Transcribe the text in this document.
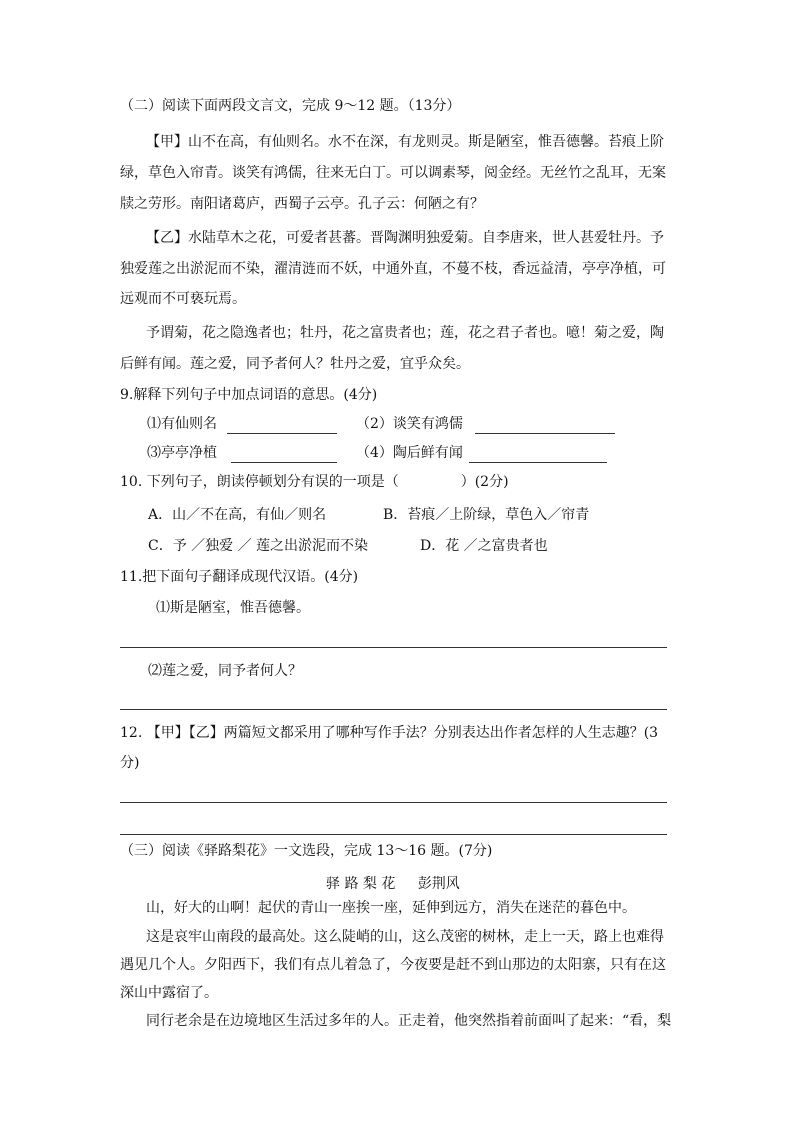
（二）阅读下面两段文言文，完成 9～12 题。（13分）
【甲】山不在高，有仙则名。水不在深，有龙则灵。斯是陋室，惟吾德馨。苔痕上阶
绿，草色入帘青。谈笑有鸿儒，往来无白丁。可以调素琴，阅金经。无丝竹之乱耳，无案
牍之劳形。南阳诸葛庐，西蜀子云亭。孔子云：何陋之有？
【乙】水陆草木之花，可爱者甚蕃。晋陶渊明独爱菊。自李唐来，世人甚爱牡丹。予
独爱莲之出淤泥而不染，濯清涟而不妖，中通外直，不蔓不枝，香远益清，亭亭净植，可
远观而不可亵玩焉。
予谓菊，花之隐逸者也；牡丹，花之富贵者也；莲，花之君子者也。噫！菊之爱，陶
后鲜有闻。莲之爱，同予者何人？牡丹之爱，宜乎众矣。
9.解释下列句子中加点词语的意思。(4分)
⑴有仙则名	（2）谈笑有鸿儒
⑶亭亭净植	（4）陶后鲜有闻
10. 下列句子，朗读停顿划分有误的一项是（	）(2分)
A．山／不在高，有仙／则名	B．苔痕／上阶绿，草色入／帘青
C．予 ／独爱 ／ 莲之出淤泥而不染	D．花 ／之富贵者也
11.把下面句子翻译成现代汉语。(4分)
⑴斯是陋室，惟吾德馨。
⑵莲之爱，同予者何人？
12. 【甲】【乙】两篇短文都采用了哪种写作手法？分别表达出作者怎样的人生志趣？(3
分)
（三）阅读《驿路梨花》一文选段，完成 13～16 题。(7分)
驿 路 梨 花 彭荆风
山，好大的山啊！起伏的青山一座挨一座，延伸到远方，消失在迷茫的暮色中。
这是哀牢山南段的最高处。这么陡峭的山，这么茂密的树林，走上一天，路上也难得
遇见几个人。夕阳西下，我们有点儿着急了，今夜要是赶不到山那边的太阳寨，只有在这
深山中露宿了。
同行老余是在边境地区生活过多年的人。正走着，他突然指着前面叫了起来：“看，梨
